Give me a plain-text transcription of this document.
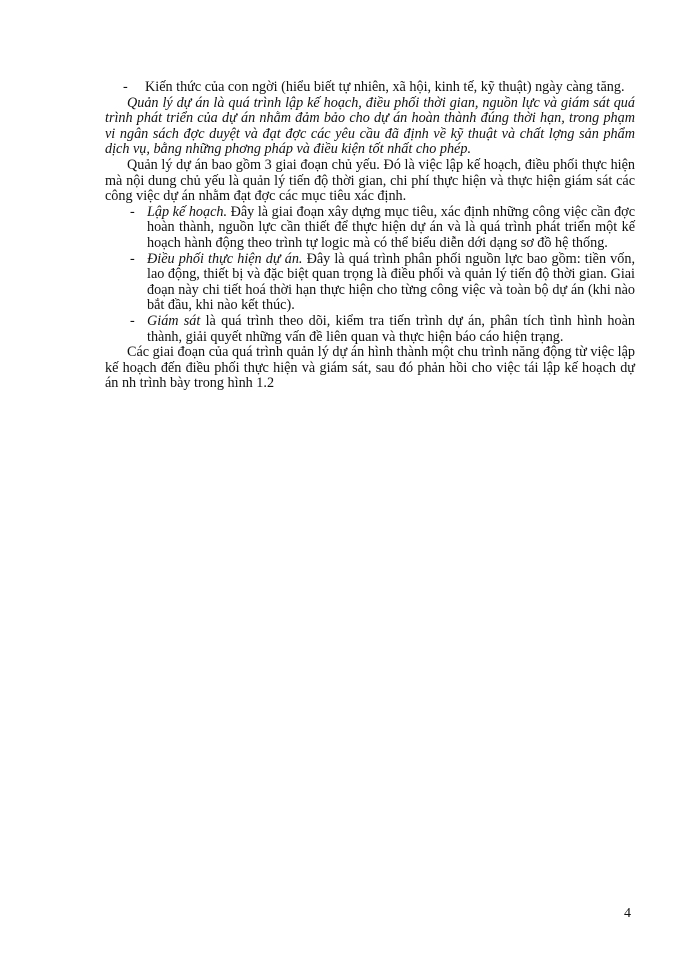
- Kiến thức của con ngời (hiểu biết tự nhiên, xã hội, kinh tế, kỹ thuật) ngày càng tăng.

Quản lý dự án là quá trình lập kế hoạch, điều phối thời gian, nguồn lực và giám sát quá trình phát triển của dự án nhằm đảm bảo cho dự án hoàn thành đúng thời hạn, trong phạm vi ngân sách đợc duyệt và đạt đợc các yêu cầu đã định về kỹ thuật và chất lợng sản phẩm dịch vụ, bằng những phơng pháp và điều kiện tốt nhất cho phép.

Quản lý dự án bao gồm 3 giai đoạn chủ yếu. Đó là việc lập kế hoạch, điều phối thực hiện mà nội dung chủ yếu là quản lý tiến độ thời gian, chi phí thực hiện và thực hiện giám sát các công việc dự án nhằm đạt đợc các mục tiêu xác định.

- Lập kế hoạch. Đây là giai đoạn xây dựng mục tiêu, xác định những công việc cần đợc hoàn thành, nguồn lực cần thiết để thực hiện dự án và là quá trình phát triển một kế hoạch hành động theo trình tự logic mà có thể biểu diễn dới dạng sơ đồ hệ thống.

- Điều phối thực hiện dự án. Đây là quá trình phân phối nguồn lực bao gồm: tiền vốn, lao động, thiết bị và đặc biệt quan trọng là điều phối và quản lý tiến độ thời gian. Giai đoạn này chi tiết hoá thời hạn thực hiện cho từng công việc và toàn bộ dự án (khi nào bắt đầu, khi nào kết thúc).

- Giám sát là quá trình theo dõi, kiểm tra tiến trình dự án, phân tích tình hình hoàn thành, giải quyết những vấn đề liên quan và thực hiện báo cáo hiện trạng.

Các giai đoạn của quá trình quản lý dự án hình thành một chu trình năng động từ việc lập kế hoạch đến điều phối thực hiện và giám sát, sau đó phản hồi cho việc tái lập kế hoạch dự án nh trình bày trong hình 1.2

4
